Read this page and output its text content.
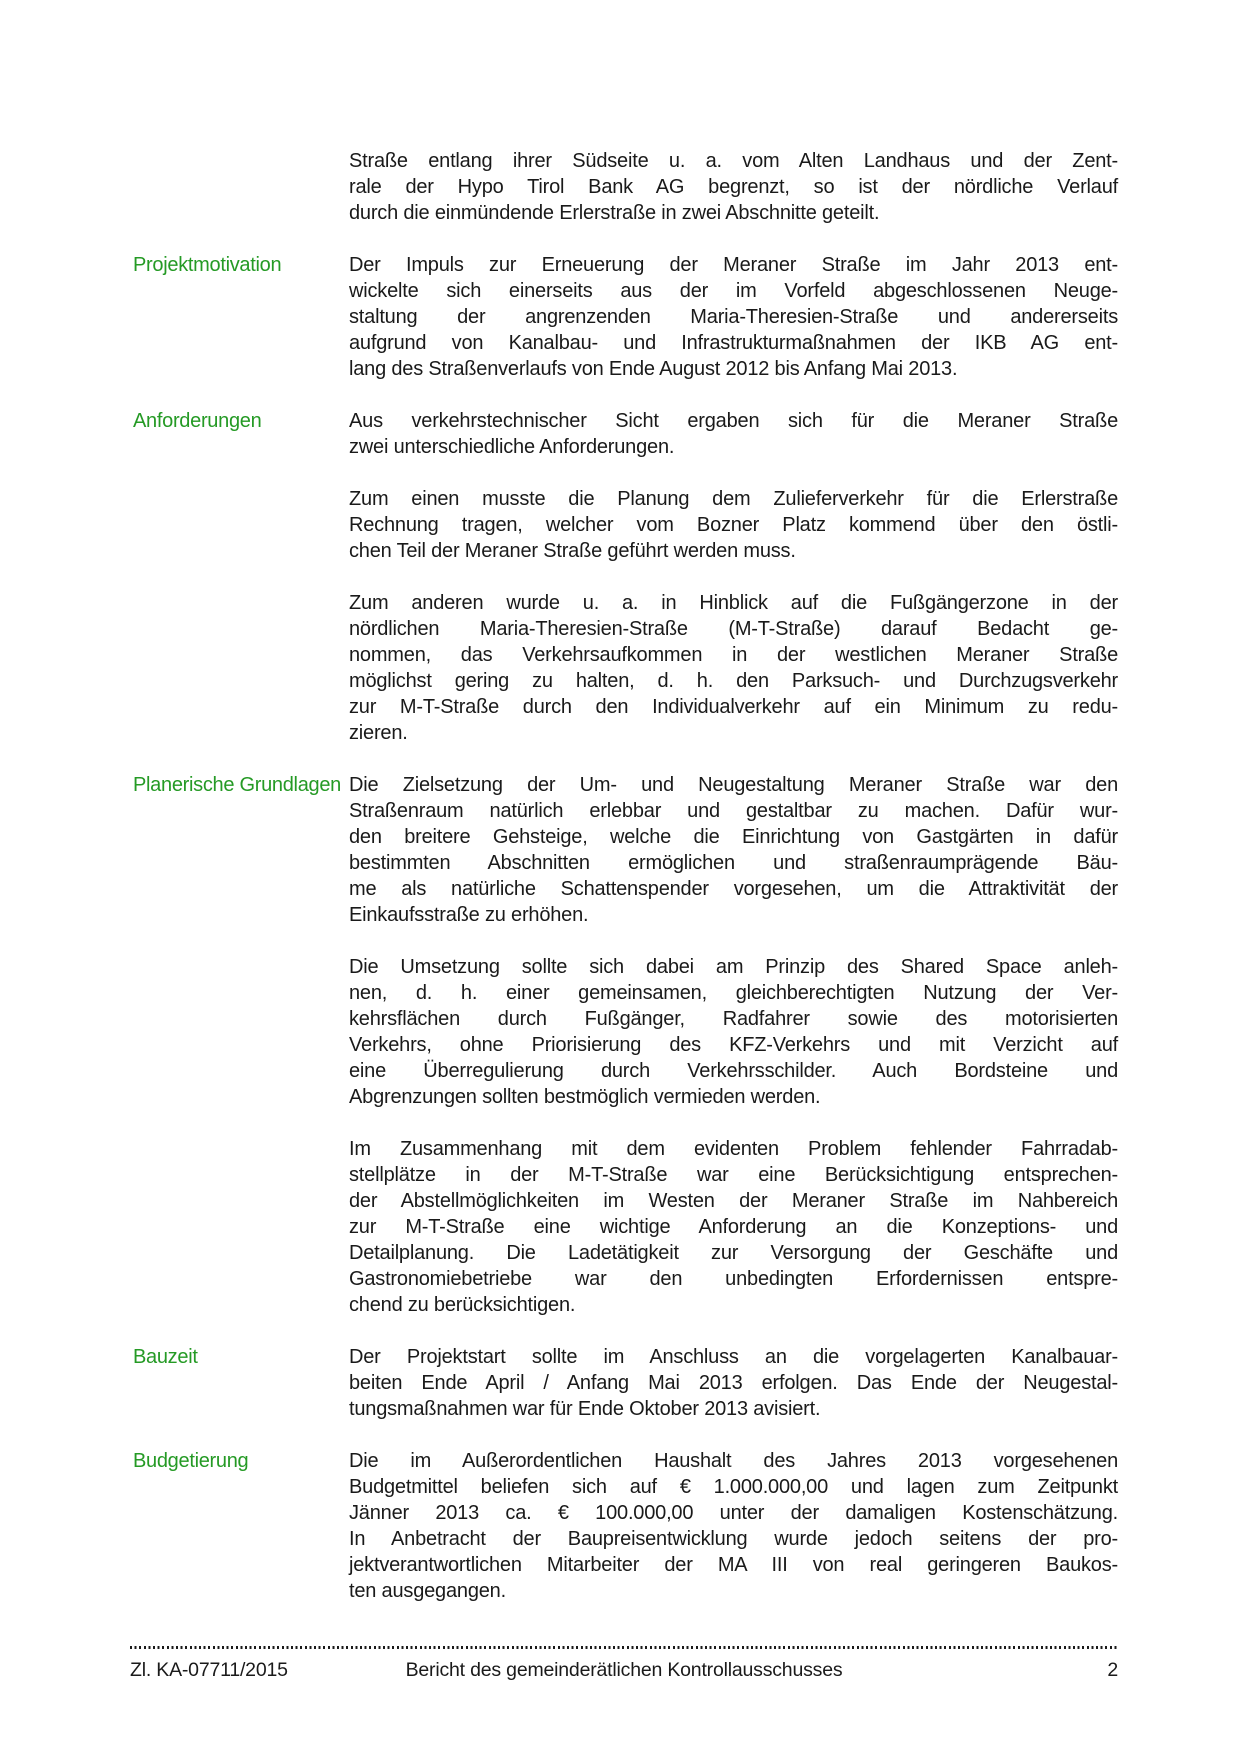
Straße entlang ihrer Südseite u. a. vom Alten Landhaus und der Zent-
rale der Hypo Tirol Bank AG begrenzt, so ist der nördliche Verlauf
durch die einmündende Erlerstraße in zwei Abschnitte geteilt.
Projektmotivation	Der Impuls zur Erneuerung der Meraner Straße im Jahr 2013 ent-
wickelte sich einerseits aus der im Vorfeld abgeschlossenen Neuge-
staltung der angrenzenden Maria-Theresien-Straße und andererseits
aufgrund von Kanalbau- und Infrastrukturmaßnahmen der IKB AG ent-
lang des Straßenverlaufs von Ende August 2012 bis Anfang Mai 2013.
Anforderungen	Aus verkehrstechnischer Sicht ergaben sich für die Meraner Straße
zwei unterschiedliche Anforderungen.
Zum einen musste die Planung dem Zulieferverkehr für die Erlerstraße
Rechnung tragen, welcher vom Bozner Platz kommend über den östli-
chen Teil der Meraner Straße geführt werden muss.
Zum anderen wurde u. a. in Hinblick auf die Fußgängerzone in der
nördlichen Maria-Theresien-Straße (M-T-Straße) darauf Bedacht ge-
nommen, das Verkehrsaufkommen in der westlichen Meraner Straße
möglichst gering zu halten, d. h. den Parksuch- und Durchzugsverkehr
zur M-T-Straße durch den Individualverkehr auf ein Minimum zu redu-
zieren.
Planerische Grundlagen Die Zielsetzung der Um- und Neugestaltung Meraner Straße war den
Straßenraum natürlich erlebbar und gestaltbar zu machen. Dafür wur-
den breitere Gehsteige, welche die Einrichtung von Gastgärten in dafür
bestimmten Abschnitten ermöglichen und straßenraumprägende Bäu-
me als natürliche Schattenspender vorgesehen, um die Attraktivität der
Einkaufsstraße zu erhöhen.
Die Umsetzung sollte sich dabei am Prinzip des Shared Space anleh-
nen, d. h. einer gemeinsamen, gleichberechtigten Nutzung der Ver-
kehrsflächen durch Fußgänger, Radfahrer sowie des motorisierten
Verkehrs, ohne Priorisierung des KFZ-Verkehrs und mit Verzicht auf
eine Überregulierung durch Verkehrsschilder. Auch Bordsteine und
Abgrenzungen sollten bestmöglich vermieden werden.
Im Zusammenhang mit dem evidenten Problem fehlender Fahrradab-
stellplätze in der M-T-Straße war eine Berücksichtigung entsprechen-
der Abstellmöglichkeiten im Westen der Meraner Straße im Nahbereich
zur M-T-Straße eine wichtige Anforderung an die Konzeptions- und
Detailplanung. Die Ladetätigkeit zur Versorgung der Geschäfte und
Gastronomiebetriebe war den unbedingten Erfordernissen entspre-
chend zu berücksichtigen.
Bauzeit	Der Projektstart sollte im Anschluss an die vorgelagerten Kanalbauar-
beiten Ende April / Anfang Mai 2013 erfolgen. Das Ende der Neugestal-
tungsmaßnahmen war für Ende Oktober 2013 avisiert.
Budgetierung	Die im Außerordentlichen Haushalt des Jahres 2013 vorgesehenen
Budgetmittel beliefen sich auf € 1.000.000,00 und lagen zum Zeitpunkt
Jänner 2013 ca. € 100.000,00 unter der damaligen Kostenschätzung.
In Anbetracht der Baupreisentwicklung wurde jedoch seitens der pro-
jektverantwortlichen Mitarbeiter der MA III von real geringeren Baukos-
ten ausgegangen.
Zl. KA-07711/2015	Bericht des gemeinderätlichen Kontrollausschusses	2
